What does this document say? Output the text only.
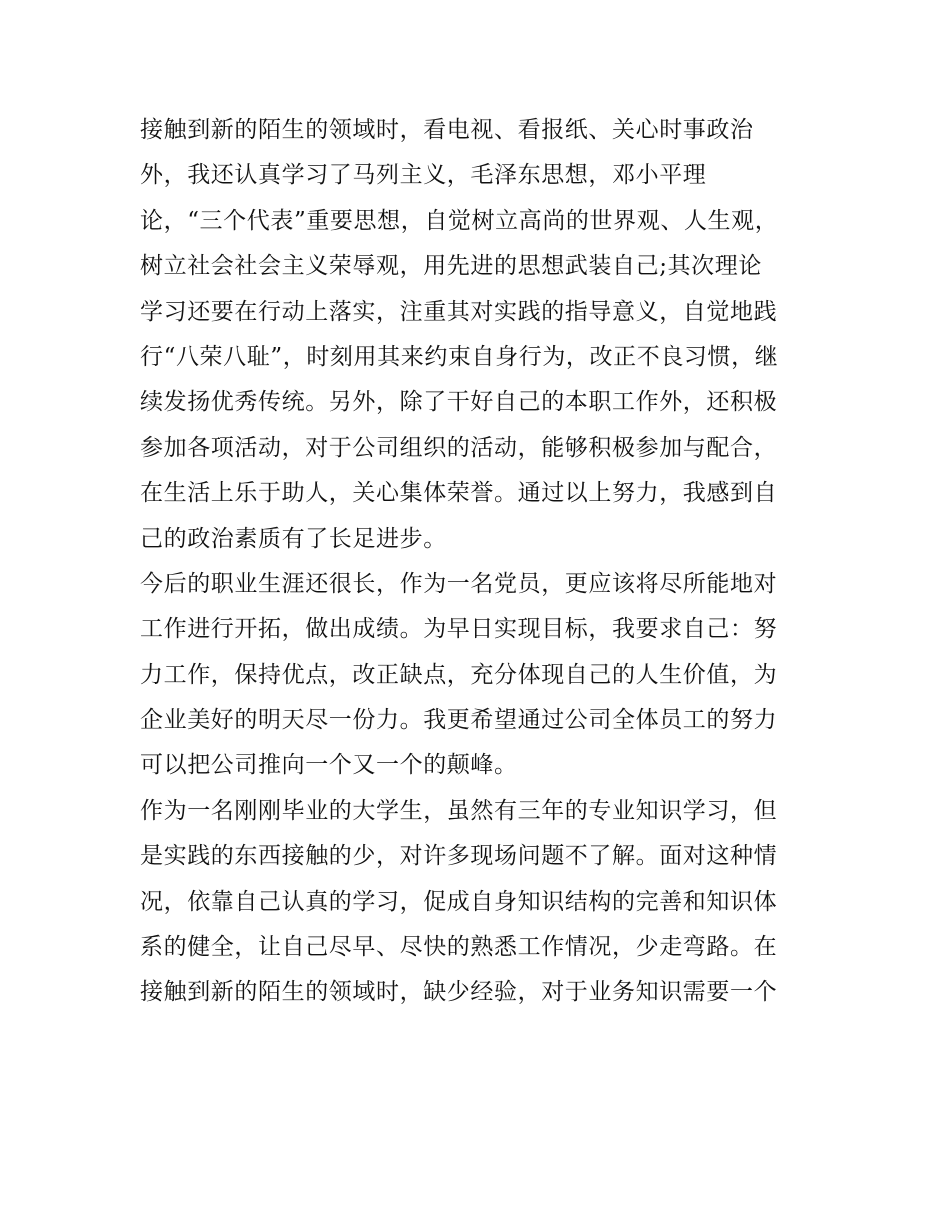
接触到新的陌生的领域时，看电视、看报纸、关心时事政治
外，我还认真学习了马列主义，毛泽东思想，邓小平理
论，“三个代表”重要思想，自觉树立高尚的世界观、人生观，
树立社会社会主义荣辱观，用先进的思想武装自己;其次理论
学习还要在行动上落实，注重其对实践的指导意义，自觉地践
行“八荣八耻”，时刻用其来约束自身行为，改正不良习惯，继
续发扬优秀传统。另外，除了干好自己的本职工作外，还积极
参加各项活动，对于公司组织的活动，能够积极参加与配合，
在生活上乐于助人，关心集体荣誉。通过以上努力，我感到自
己的政治素质有了长足进步。
今后的职业生涯还很长，作为一名党员，更应该将尽所能地对
工作进行开拓，做出成绩。为早日实现目标，我要求自己：努
力工作，保持优点，改正缺点，充分体现自己的人生价值，为
企业美好的明天尽一份力。我更希望通过公司全体员工的努力
可以把公司推向一个又一个的颠峰。
作为一名刚刚毕业的大学生，虽然有三年的专业知识学习，但
是实践的东西接触的少，对许多现场问题不了解。面对这种情
况，依靠自己认真的学习，促成自身知识结构的完善和知识体
系的健全，让自己尽早、尽快的熟悉工作情况，少走弯路。在
接触到新的陌生的领域时，缺少经验，对于业务知识需要一个
